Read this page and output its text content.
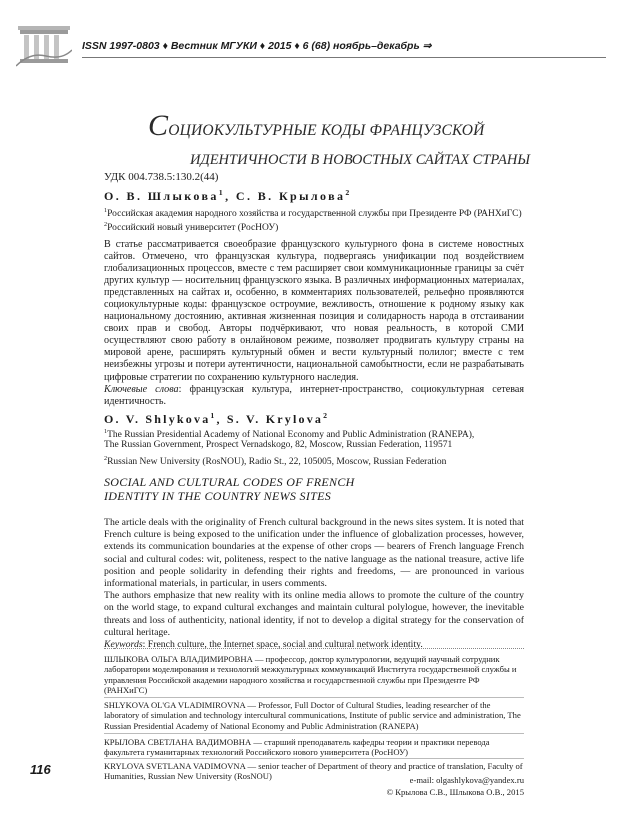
ISSN 1997-0803 ♦ Вестник МГУКИ ♦ 2015 ♦ 6 (68) ноябрь–декабрь ⇒
СОЦИОКУЛЬТУРНЫЕ КОДЫ ФРАНЦУЗСКОЙ
ИДЕНТИЧНОСТИ В НОВОСТНЫХ САЙТАХ СТРАНЫ
УДК 004.738.5:130.2(44)
О. В. Шлыкова$^1$, С. В. Крылова$^2$
$^1$Российская академия народного хозяйства и государственной службы при Президенте РФ (РАНХиГС)
$^2$Российский новый университет (РосНОУ)
В статье рассматривается своеобразие французского культурного фона в системе новостных сайтов. Отмечено, что французская культура, подвергаясь унификации под воздействием глобализационных процессов, вместе с тем расширяет свои коммуникационные границы за счёт других культур — носительниц французского языка. В различных информационных материалах, представленных на сайтах и, особенно, в комментариях пользователей, рельефно проявляются социокультурные коды: французское остроумие, вежливость, отношение к родному языку как национальному достоянию, активная жизненная позиция и солидарность народа в отстаивании своих прав и свобод. Авторы подчёркивают, что новая реальность, в которой СМИ осуществляют свою работу в онлайновом режиме, позволяет продвигать культуру страны на мировой арене, расширять культурный обмен и вести культурный полилог; вместе с тем неизбежны угрозы и потери аутентичности, национальной самобытности, если не разрабатывать цифровые стратегии по сохранению культурного наследия.
Ключевые слова: французская культура, интернет-пространство, социокультурная сетевая идентичность.
O. V. Shlykova$^1$, S. V. Krylova$^2$
$^1$The Russian Presidential Academy of National Economy and Public Administration (RANEPA),
The Russian Government, Prospect Vernadskogo, 82, Moscow, Russian Federation, 119571
$^2$Russian New University (RosNOU), Radio St., 22, 105005, Moscow, Russian Federation
SOCIAL AND CULTURAL CODES OF FRENCH
IDENTITY IN THE COUNTRY NEWS SITES
The article deals with the originality of French cultural background in the news sites system. It is noted that French culture is being exposed to the unification under the influence of globalization processes, however, extends its communication boundaries at the expense of other crops — bearers of French language French social and cultural codes: wit, politeness, respect to the native language as the national treasure, active life position and people solidarity in defending their rights and freedoms, — are pronounced in various informational materials, in particular, in users comments.
The authors emphasize that new reality with its online media allows to promote the culture of the country on the world stage, to expand cultural exchanges and maintain cultural polylogue, however, the inevitable threats and loss of authenticity, national identity, if not to develop a digital strategy for the conservation of cultural heritage.
Keywords: French culture, the Internet space, social and cultural network identity.
ШЛЫКОВА ОЛЬГА ВЛАДИМИРОВНА — профессор, доктор культурологии, ведущий научный сотрудник лаборатории моделирования и технологий межкультурных коммуникаций Института государственной службы и управления Российской академии народного хозяйства и государственной службы при Президенте РФ (РАНХиГС)
SHLYKOVA OL'GA VLADIMIROVNA — Professor, Full Doctor of Cultural Studies, leading researcher of the laboratory of simulation and technology intercultural communications, Institute of public service and administration, The Russian Presidential Academy of National Economy and Public Administration (RANEPA)
КРЫЛОВА СВЕТЛАНА ВАДИМОВНА — старший преподаватель кафедры теории и практики перевода факультета гуманитарных технологий Российского нового университета (РосНОУ)
KRYLOVA SVETLANA VADIMOVNA — senior teacher of Department of theory and practice of translation, Faculty of Humanities, Russian New University (RosNOU)
116
e-mail: olgashlykova@yandex.ru
© Крылова С.В., Шлыкова О.В., 2015
